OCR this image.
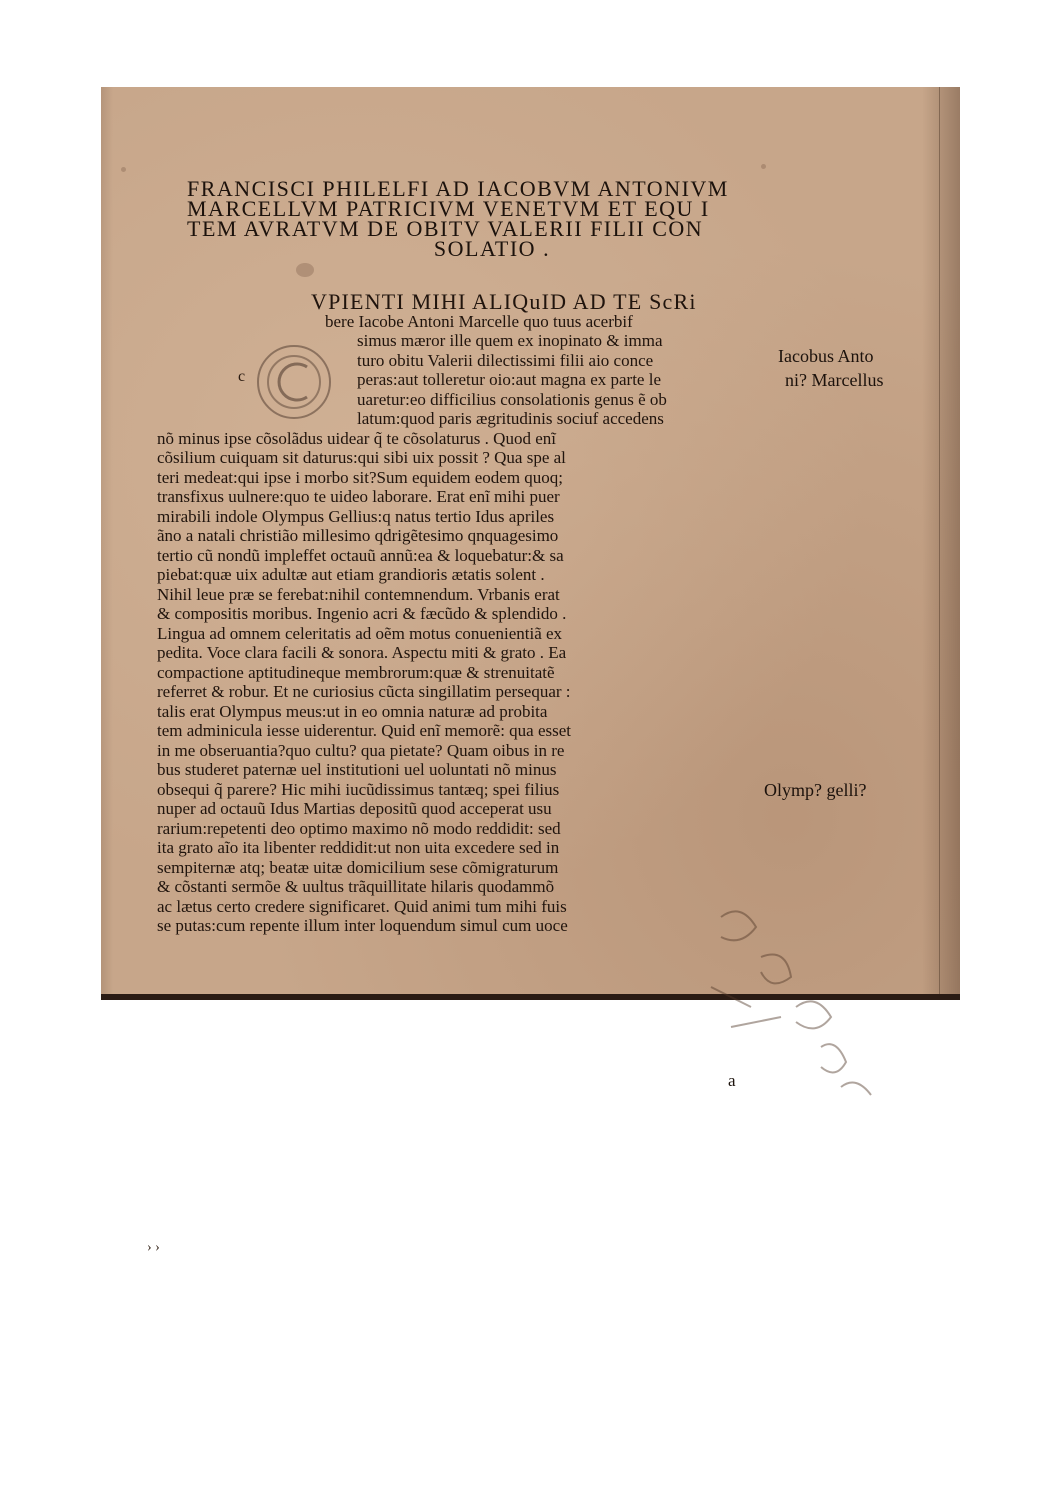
FRANCISCI PHILELFI AD IACOBVM ANTONIVM
MARCELLVM PATRICIVM VENETVM ET EQU I
TEM AVRATVM DE OBITV VALERII FILII CON
SOLATIO .
c
VPIENTI MIHI ALIQuID AD TE ScRi
bere Iacobe Antoni Marcelle quo tuus acerbif
simus mæror ille quem ex inopinato & imma
turo obitu Valerii dilectissimi filii aio conce
peras:aut tolleretur oio:aut magna ex parte le
uaretur:eo difficilius consolationis genus ẽ ob
latum:quod paris ægritudinis sociuf accedens
nõ minus ipse cõsolãdus uidear q̃ te cõsolaturus . Quod enĩ
cõsilium cuiquam sit daturus:qui sibi uix possit ? Qua spe al
teri medeat:qui ipse i morbo sit?Sum equidem eodem quoq;
transfixus uulnere:quo te uideo laborare. Erat enĩ mihi puer
mirabili indole Olympus Gellius:q natus tertio Idus apriles
ãno a natali christião millesimo qdrigẽtesimo qnquagesimo
tertio cũ nondũ impleffet octauũ annũ:ea & loquebatur:& sa
piebat:quæ uix adultæ aut etiam grandioris ætatis solent .
Nihil leue præ se ferebat:nihil contemnendum. Vrbanis erat
& compositis moribus. Ingenio acri & fæcũdo & splendido .
Lingua ad omnem celeritatis ad oẽm motus conuenientiã ex
pedita. Voce clara facili & sonora. Aspectu miti & grato . Ea
compactione aptitudineque membrorum:quæ & strenuitatẽ
referret & robur. Et ne curiosius cũcta singillatim persequar :
talis erat Olympus meus:ut in eo omnia naturæ ad probita
tem adminicula iesse uiderentur. Quid enĩ memorẽ: qua esset
in me obseruantia?quo cultu? qua pietate? Quam oibus in re
bus studeret paternæ uel institutioni uel uoluntati nõ minus
obsequi q̃ parere? Hic mihi iucũdissimus tantæq; spei filius
nuper ad octauũ Idus Martias depositũ quod acceperat usu
rarium:repetenti deo optimo maximo nõ modo reddidit: sed
ita grato aĩo ita libenter reddidit:ut non uita excedere sed in
sempiternæ atq; beatæ uitæ domicilium sese cõmigraturum
& cõstanti sermõe & uultus trãquillitate hilaris quodammõ
ac lætus certo credere significaret. Quid animi tum mihi fuis
se putas:cum repente illum inter loquendum simul cum uoce
Iacobus Anto
ni? Marcellus
Olymp? gelli?
a
› ›
